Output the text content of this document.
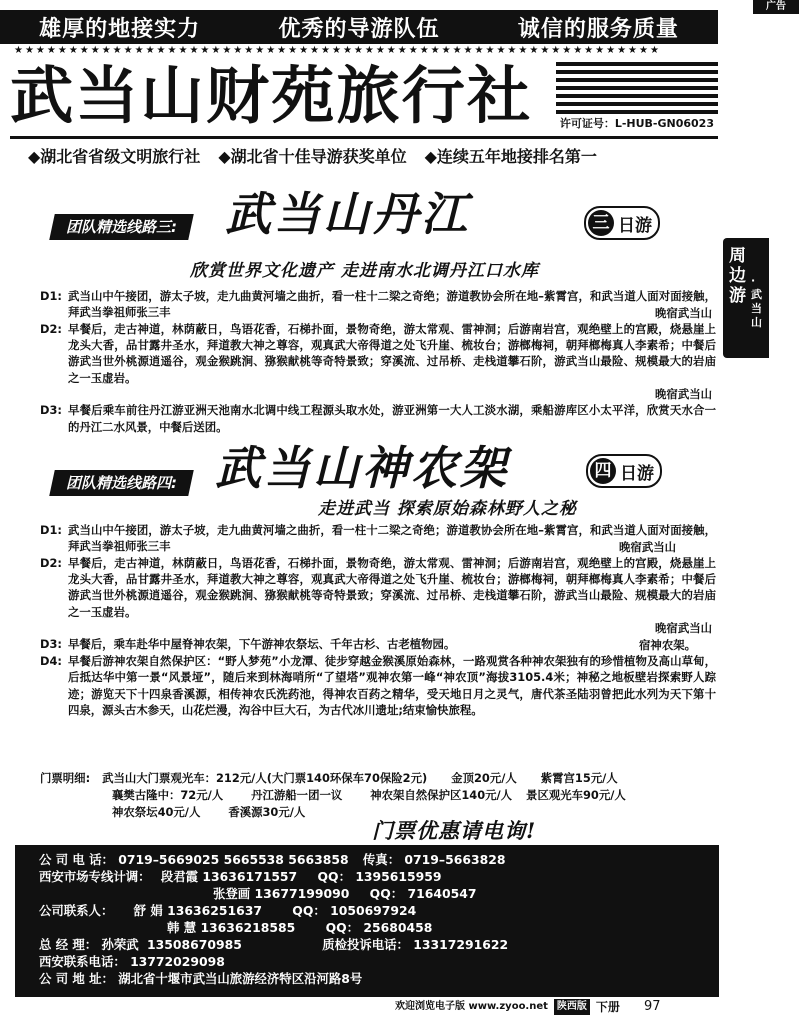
广告
雄厚的地接实力	优秀的导游队伍	诚信的服务质量
★★★★★★★★★★★★★★★★★★★★★★★★★★★★★★★★★★★★★★★★★★★★★★★★★★★★★★★★★★★
武当山财苑旅行社	许可证号：L-HUB-GN06023
◆湖北省省级文明旅行社 ◆湖北省十佳导游获奖单位 ◆连续五年地接排名第一
周边游
·武当山
团队精选线路三:	武当山丹江	三 日游
欣赏世界文化遗产 走进南水北调丹江口水库
D1: 武当山中午接团，游太子坡，走九曲黄河墙之曲折，看一柱十二梁之奇绝；游道教协会所在地–紫霄宫，和武当道人面对面接触，拜武当拳祖师张三丰	晚宿武当山
D2: 早餐后，走古神道，林荫蔽日，鸟语花香，石梯扑面，景物奇绝，游太常观、雷神洞；后游南岩宫，观绝壁上的宫殿，烧悬崖上龙头大香，品甘露井圣水，拜道教大神之尊容，观真武大帝得道之处飞升崖、梳妆台；游榔梅祠，朝拜榔梅真人李素希；中餐后游武当世外桃源逍遥谷，观金猴跳涧、猕猴献桃等奇特景致；穿溪流、过吊桥、走栈道攀石阶，游武当山最险、规模最大的岩庙之一玉虚岩。
晚宿武当山
D3: 早餐后乘车前往丹江游亚洲天池南水北调中线工程源头取水处，游亚洲第一大人工淡水湖，乘船游库区小太平洋，欣赏天水合一的丹江二水风景，中餐后送团。
团队精选线路四: 武当山神农架	四 日游
走进武当 探索原始森林野人之秘
D1: 武当山中午接团，游太子坡，走九曲黄河墙之曲折，看一柱十二梁之奇绝；游道教协会所在地–紫霄宫，和武当道人面对面接触，拜武当拳祖师张三丰	晚宿武当山
D2: 早餐后，走古神道，林荫蔽日，鸟语花香，石梯扑面，景物奇绝，游太常观、雷神洞；后游南岩宫，观绝壁上的宫殿，烧悬崖上龙头大香，品甘露井圣水，拜道教大神之尊容，观真武大帝得道之处飞升崖、梳妆台；游榔梅祠，朝拜榔梅真人李素希；中餐后游武当世外桃源逍遥谷，观金猴跳涧、猕猴献桃等奇特景致；穿溪流、过吊桥、走栈道攀石阶，游武当山最险、规模最大的岩庙之一玉虚岩。
晚宿武当山
D3: 早餐后，乘车赴华中屋脊神农架，下午游神农祭坛、千年古杉、古老植物园。	宿神农架。
D4: 早餐后游神农架自然保护区：“野人梦苑”小龙潭、徒步穿越金猴溪原始森林，一路观赏各种神农架独有的珍惜植物及高山草甸，后抵达华中第一景“风景垭”，随后来到林海哨所“了望塔”观神农第一峰“神农顶”海拔3105.4米；神秘之地板壁岩探索野人踪迹；游览天下十四泉香溪源，相传神农氏洗药池，得神农百药之精华，受天地日月之灵气，唐代茶圣陆羽曾把此水列为天下第十四泉，源头古木参天，山花烂漫，沟谷中巨大石，为古代冰川遗址;结束愉快旅程。
门票明细: 武当山大门票观光车：212元/人(大门票140环保车70保险2元) 金顶20元/人 紫霄宫15元/人
襄樊古隆中：72元/人 丹江游船一团一议 神农架自然保护区140元/人 景区观光车90元/人
神农祭坛40元/人 香溪源30元/人
门票优惠请电询!
公 司 电 话： 0719–5669025 5665538 5663858 传真： 0719–5663828
西安市场专线计调： 段君霞 13636171557 QQ： 1395615959
张登画 13677199090 QQ： 71640547
公司联系人： 舒 娟 13636251637 QQ： 1050697924
韩 慧 13636218585 QQ： 25680458
总 经 理： 孙荣武 13508670985	质检投诉电话： 13317291622
西安联系电话： 13772029098
公 司 地 址： 湖北省十堰市武当山旅游经济特区沿河路8号
欢迎浏览电子版 www.zyoo.net 陕西版 下册 97
